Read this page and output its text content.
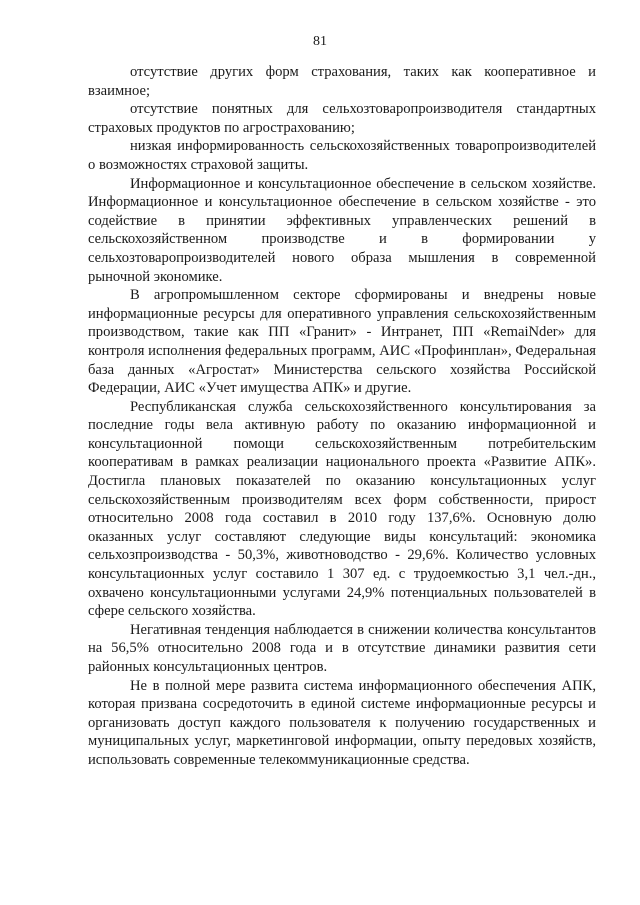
81

отсутствие других форм страхования, таких как кооперативное и взаимное;

отсутствие понятных для сельхозтоваропроизводителя стандартных страховых продуктов по агрострахованию;

низкая информированность сельскохозяйственных товаропроизводителей о возможностях страховой защиты.

Информационное и консультационное обеспечение в сельском хозяйстве. Информационное и консультационное обеспечение в сельском хозяйстве - это содействие в принятии эффективных управленческих решений в сельскохозяйственном производстве и в формировании у сельхозтоваропроизводителей нового образа мышления в современной рыночной экономике.

В агропромышленном секторе сформированы и внедрены новые информационные ресурсы для оперативного управления сельскохозяйственным производством, такие как ПП «Гранит» - Интранет, ПП «RemaiNder» для контроля исполнения федеральных программ, АИС «Профинплан», Федеральная база данных «Агростат» Министерства сельского хозяйства Российской Федерации, АИС «Учет имущества АПК» и другие.

Республиканская служба сельскохозяйственного консультирования за последние годы вела активную работу по оказанию информационной и консультационной помощи сельскохозяйственным потребительским кооперативам в рамках реализации национального проекта «Развитие АПК». Достигла плановых показателей по оказанию консультационных услуг сельскохозяйственным производителям всех форм собственности, прирост относительно 2008 года составил в 2010 году 137,6%. Основную долю оказанных услуг составляют следующие виды консультаций: экономика сельхозпроизводства - 50,3%, животноводство - 29,6%. Количество условных консультационных услуг составило 1 307 ед. с трудоемкостью 3,1 чел.-дн., охвачено консультационными услугами 24,9% потенциальных пользователей в сфере сельского хозяйства.

Негативная тенденция наблюдается в снижении количества консультантов на 56,5% относительно 2008 года и в отсутствие динамики развития сети районных консультационных центров.

Не в полной мере развита система информационного обеспечения АПК, которая призвана сосредоточить в единой системе информационные ресурсы и организовать доступ каждого пользователя к получению государственных и муниципальных услуг, маркетинговой информации, опыту передовых хозяйств, использовать современные телекоммуникационные средства.
